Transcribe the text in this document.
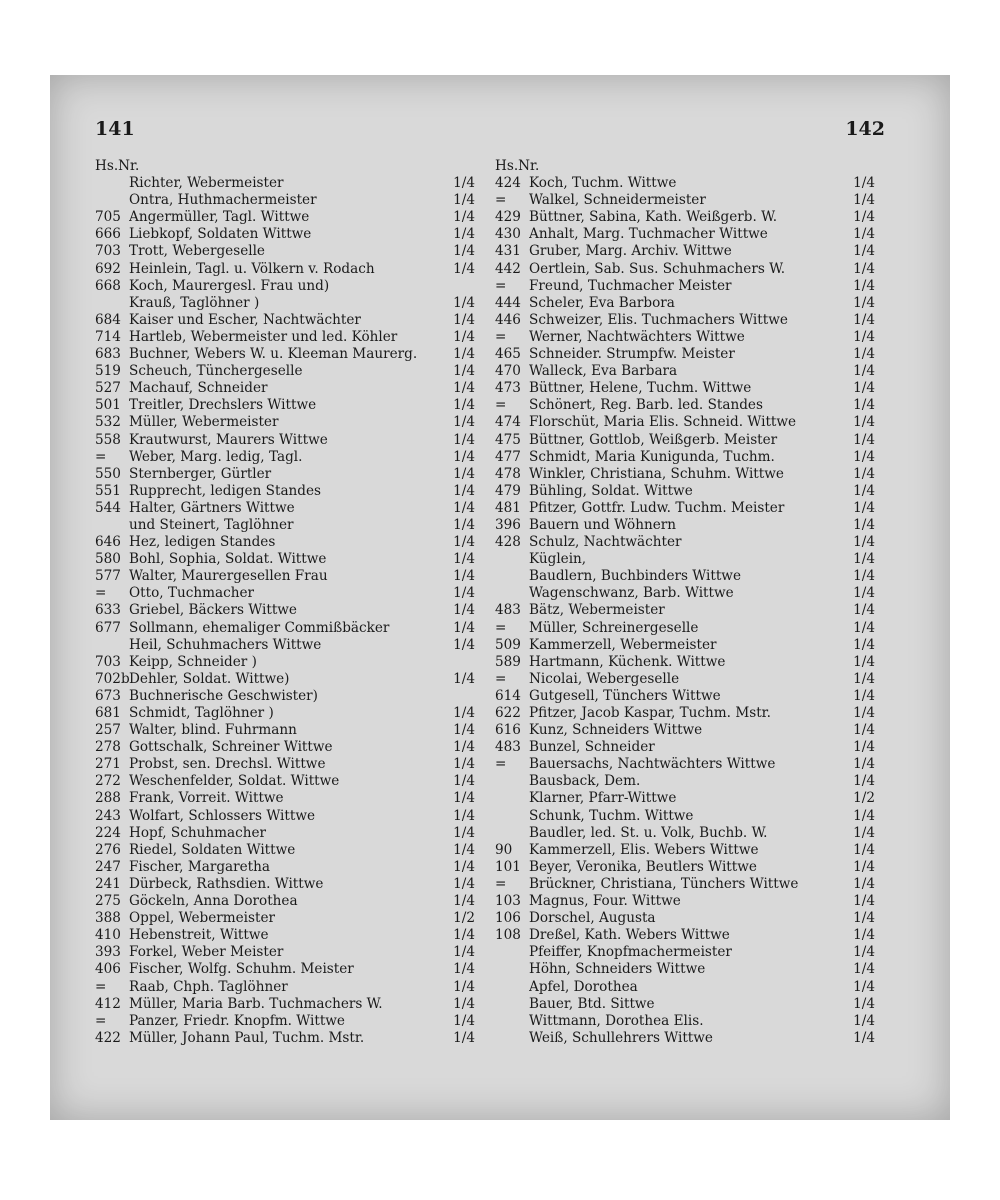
141	142
Hs.Nr.
Richter, Webermeister	1/4
Ontra, Huthmachermeister	1/4
705 Angermüller, Tagl. Wittwe	1/4
666 Liebkopf, Soldaten Wittwe	1/4
703 Trott, Webergeselle	1/4
692 Heinlein, Tagl. u. Völkern v. Rodach	1/4
668 Koch, Maurergesl. Frau und)
Krauß, Taglöhner )	1/4
684 Kaiser und Escher, Nachtwächter	1/4
714 Hartleb, Webermeister und led. Köhler	1/4
683 Buchner, Webers W. u. Kleeman Maurerg.	1/4
519 Scheuch, Tünchergeselle	1/4
527 Machauf, Schneider	1/4
501 Treitler, Drechslers Wittwe	1/4
532 Müller, Webermeister	1/4
558 Krautwurst, Maurers Wittwe	1/4
=	Weber, Marg. ledig, Tagl.	1/4
550 Sternberger, Gürtler	1/4
551 Rupprecht, ledigen Standes	1/4
544 Halter, Gärtners Wittwe	1/4
und Steinert, Taglöhner	1/4
646 Hez, ledigen Standes	1/4
580 Bohl, Sophia, Soldat. Wittwe	1/4
577 Walter, Maurergesellen Frau	1/4
=	Otto, Tuchmacher	1/4
633 Griebel, Bäckers Wittwe	1/4
677 Sollmann, ehemaliger Commißbäcker	1/4
Heil, Schuhmachers Wittwe	1/4
703 Keipp, Schneider )
702b Dehler, Soldat. Wittwe)	1/4
673 Buchnerische Geschwister)
681 Schmidt, Taglöhner )	1/4
257 Walter, blind. Fuhrmann	1/4
278 Gottschalk, Schreiner Wittwe	1/4
271 Probst, sen. Drechsl. Wittwe	1/4
272 Weschenfelder, Soldat. Wittwe	1/4
288 Frank, Vorreit. Wittwe	1/4
243 Wolfart, Schlossers Wittwe	1/4
224 Hopf, Schuhmacher	1/4
276 Riedel, Soldaten Wittwe	1/4
247 Fischer, Margaretha	1/4
241 Dürbeck, Rathsdien. Wittwe	1/4
275 Göckeln, Anna Dorothea	1/4
388 Oppel, Webermeister	1/2
410 Hebenstreit, Wittwe	1/4
393 Forkel, Weber Meister	1/4
406 Fischer, Wolfg. Schuhm. Meister	1/4
=	Raab, Chph. Taglöhner	1/4
412 Müller, Maria Barb. Tuchmachers W.	1/4
=	Panzer, Friedr. Knopfm. Wittwe	1/4
422 Müller, Johann Paul, Tuchm. Mstr.	1/4
Hs.Nr.
424 Koch, Tuchm. Wittwe	1/4
=	Walkel, Schneidermeister	1/4
429 Büttner, Sabina, Kath. Weißgerb. W.	1/4
430 Anhalt, Marg. Tuchmacher Wittwe	1/4
431 Gruber, Marg. Archiv. Wittwe	1/4
442 Oertlein, Sab. Sus. Schuhmachers W.	1/4
=	Freund, Tuchmacher Meister	1/4
444 Scheler, Eva Barbora	1/4
446 Schweizer, Elis. Tuchmachers Wittwe	1/4
=	Werner, Nachtwächters Wittwe	1/4
465 Schneider. Strumpfw. Meister	1/4
470 Walleck, Eva Barbara	1/4
473 Büttner, Helene, Tuchm. Wittwe	1/4
=	Schönert, Reg. Barb. led. Standes	1/4
474 Florschüt, Maria Elis. Schneid. Wittwe	1/4
475 Büttner, Gottlob, Weißgerb. Meister	1/4
477 Schmidt, Maria Kunigunda, Tuchm.	1/4
478 Winkler, Christiana, Schuhm. Wittwe	1/4
479 Bühling, Soldat. Wittwe	1/4
481 Pfitzer, Gottfr. Ludw. Tuchm. Meister	1/4
396 Bauern und Wöhnern	1/4
428 Schulz, Nachtwächter	1/4
Küglein,	1/4
Baudlern, Buchbinders Wittwe	1/4
Wagenschwanz, Barb. Wittwe	1/4
483 Bätz, Webermeister	1/4
=	Müller, Schreinergeselle	1/4
509 Kammerzell, Webermeister	1/4
589 Hartmann, Küchenk. Wittwe	1/4
=	Nicolai, Webergeselle	1/4
614 Gutgesell, Tünchers Wittwe	1/4
622 Pfitzer, Jacob Kaspar, Tuchm. Mstr.	1/4
616 Kunz, Schneiders Wittwe	1/4
483 Bunzel, Schneider	1/4
=	Bauersachs, Nachtwächters Wittwe	1/4
Bausback, Dem.	1/4
Klarner, Pfarr-Wittwe	1/2
Schunk, Tuchm. Wittwe	1/4
Baudler, led. St. u. Volk, Buchb. W.	1/4
90	Kammerzell, Elis. Webers Wittwe	1/4
101 Beyer, Veronika, Beutlers Wittwe	1/4
=	Brückner, Christiana, Tünchers Wittwe	1/4
103 Magnus, Four. Wittwe	1/4
106 Dorschel, Augusta	1/4
108 Dreßel, Kath. Webers Wittwe	1/4
Pfeiffer, Knopfmachermeister	1/4
Höhn, Schneiders Wittwe	1/4
Apfel, Dorothea	1/4
Bauer, Btd. Sittwe	1/4
Wittmann, Dorothea Elis.	1/4
Weiß, Schullehrers Wittwe	1/4
